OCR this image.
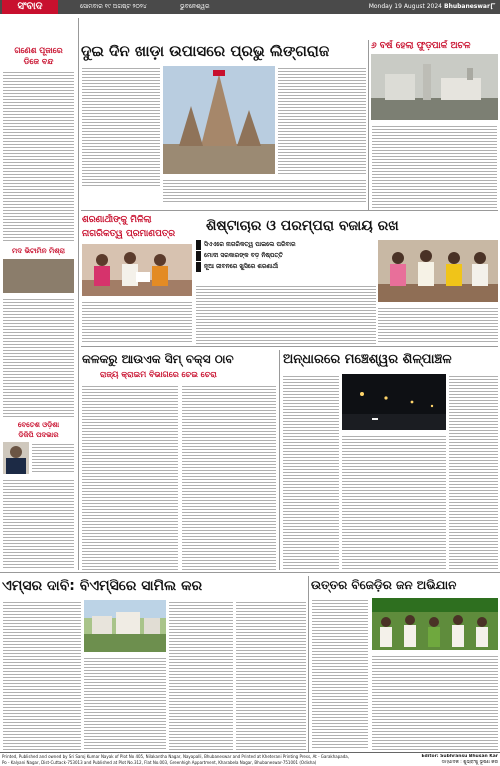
ସଂବାଦ	ସୋମବାର ୧୯ ଅଗଷ୍ଟ ୨୦୨୪	ଭୁବନେଶ୍ୱର	Monday 19 August 2024 Bhubaneswar ୮
ଗଣେଶ ପୂଜାରେ
ଡିଜେ ବନ୍ଦ
ମଦ ଭିଟାମିନ ମିଶ୍ରା
ବେତେଶ ଓଡ଼ିଶା
ଡିଜିପି ପଦଭାର
ଦୁଇ ଦିନ ଖାଡ଼ା ଉପାସରେ ପ୍ରଭୁ ଲିଙ୍ଗରାଜ	୬ ବର୍ଷ ହେଲା ଫୁଡ଼ପାର୍କ ଅଚଳ
ଶରଣାର୍ଥୀଙ୍କୁ ମିଳିଲା
ନାଗରିକତ୍ୱ ପ୍ରମାଣପତ୍ର	ଶିଷ୍ଟାଚାର ଓ ପରମ୍ପରା ବଜାୟ ରଖ
ସିଏଏରେ ନାଗରିକତ୍ୱ ପାଇଲେ ପରିବାର
ମୋଦୀ ସରକାରଙ୍କ ବଡ଼ ନିଷ୍ପତ୍ତି
ନୂଆ ଜୀବନରେ ଖୁସିରେ ଶରଣାର୍ଥୀ
କଳକରୁ ଆଉଏକ ସିମ୍ ବକ୍ସ ଠାବ
ରାଜ୍ୟ କ୍ରାଇମ ବିଭାଗରେ ଚେଇ ଚେରା
ଅନ୍ଧାରରେ ମଞ୍ଚେଶ୍ୱର ଶିଳ୍ପାଞ୍ଚଳ
ଏମ୍‌ସର ଦାବି: ବିଏମ୍‌ସିରେ ସାମିଲ କର	ଉତ୍ତର ବିଜେଡ଼ିର ଜନ ଅଭିଯାନ
Printed, Published and owned by Sri Saroj Kumar Nayak of Plot No 405, Nilakantha Nagar, Nayapalli, Bhubaneswar and Printed at Kheterani Printing Press, At - Garakhapada,
Po - Kalyani Nagar, Dist-Cuttack-753013 and Published at Plot No.312, Flat No.003, Greenhigh Appartment, Kharabela Nagar, Bhubaneswar-751001 (Odisha)
Editor: Subhransu Bhusan Kar
ସମ୍ପାଦକ : ଶୁଭ୍ରାଂଶୁ ଭୂଷଣ କର
